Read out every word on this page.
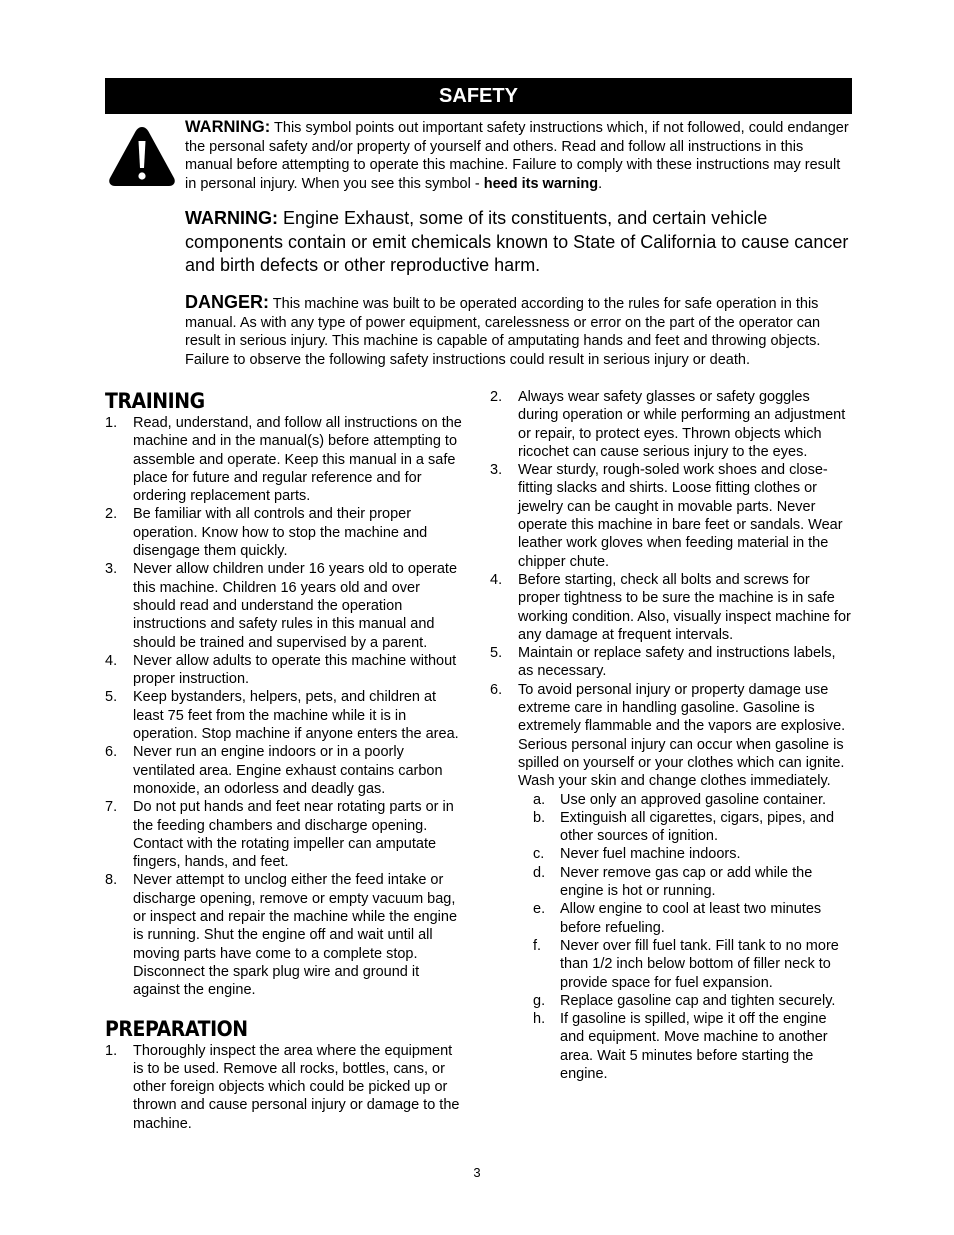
SAFETY
WARNING: This symbol points out important safety instructions which, if not followed, could endanger the personal safety and/or property of yourself and others. Read and follow all instructions in this manual before attempting to operate this machine. Failure to comply with these instructions may result in personal injury. When you see this symbol - heed its warning.
WARNING: Engine Exhaust, some of its constituents, and certain vehicle components contain or emit chemicals known to State of California to cause cancer and birth defects or other reproductive harm.
DANGER: This machine was built to be operated according to the rules for safe operation in this manual. As with any type of power equipment, carelessness or error on the part of the operator can result in serious injury. This machine is capable of amputating hands and feet and throwing objects. Failure to observe the following safety instructions could result in serious injury or death.
TRAINING
1. Read, understand, and follow all instructions on the machine and in the manual(s) before attempting to assemble and operate. Keep this manual in a safe place for future and regular reference and for ordering replacement parts.
2. Be familiar with all controls and their proper operation. Know how to stop the machine and disengage them quickly.
3. Never allow children under 16 years old to operate this machine. Children 16 years old and over should read and understand the operation instructions and safety rules in this manual and should be trained and supervised by a parent.
4. Never allow adults to operate this machine without proper instruction.
5. Keep bystanders, helpers, pets, and children at least 75 feet from the machine while it is in operation. Stop machine if anyone enters the area.
6. Never run an engine indoors or in a poorly ventilated area. Engine exhaust contains carbon monoxide, an odorless and deadly gas.
7. Do not put hands and feet near rotating parts or in the feeding chambers and discharge opening. Contact with the rotating impeller can amputate fingers, hands, and feet.
8. Never attempt to unclog either the feed intake or discharge opening, remove or empty vacuum bag, or inspect and repair the machine while the engine is running. Shut the engine off and wait until all moving parts have come to a complete stop. Disconnect the spark plug wire and ground it against the engine.
PREPARATION
1. Thoroughly inspect the area where the equipment is to be used. Remove all rocks, bottles, cans, or other foreign objects which could be picked up or thrown and cause personal injury or damage to the machine.
2. Always wear safety glasses or safety goggles during operation or while performing an adjustment or repair, to protect eyes. Thrown objects which ricochet can cause serious injury to the eyes.
3. Wear sturdy, rough-soled work shoes and close-fitting slacks and shirts. Loose fitting clothes or jewelry can be caught in movable parts. Never operate this machine in bare feet or sandals. Wear leather work gloves when feeding material in the chipper chute.
4. Before starting, check all bolts and screws for proper tightness to be sure the machine is in safe working condition. Also, visually inspect machine for any damage at frequent intervals.
5. Maintain or replace safety and instructions labels, as necessary.
6. To avoid personal injury or property damage use extreme care in handling gasoline. Gasoline is extremely flammable and the vapors are explosive. Serious personal injury can occur when gasoline is spilled on yourself or your clothes which can ignite. Wash your skin and change clothes immediately.
a. Use only an approved gasoline container.
b. Extinguish all cigarettes, cigars, pipes, and other sources of ignition.
c. Never fuel machine indoors.
d. Never remove gas cap or add while the engine is hot or running.
e. Allow engine to cool at least two minutes before refueling.
f. Never over fill fuel tank. Fill tank to no more than 1/2 inch below bottom of filler neck to provide space for fuel expansion.
g. Replace gasoline cap and tighten securely.
h. If gasoline is spilled, wipe it off the engine and equipment. Move machine to another area. Wait 5 minutes before starting the engine.
3
